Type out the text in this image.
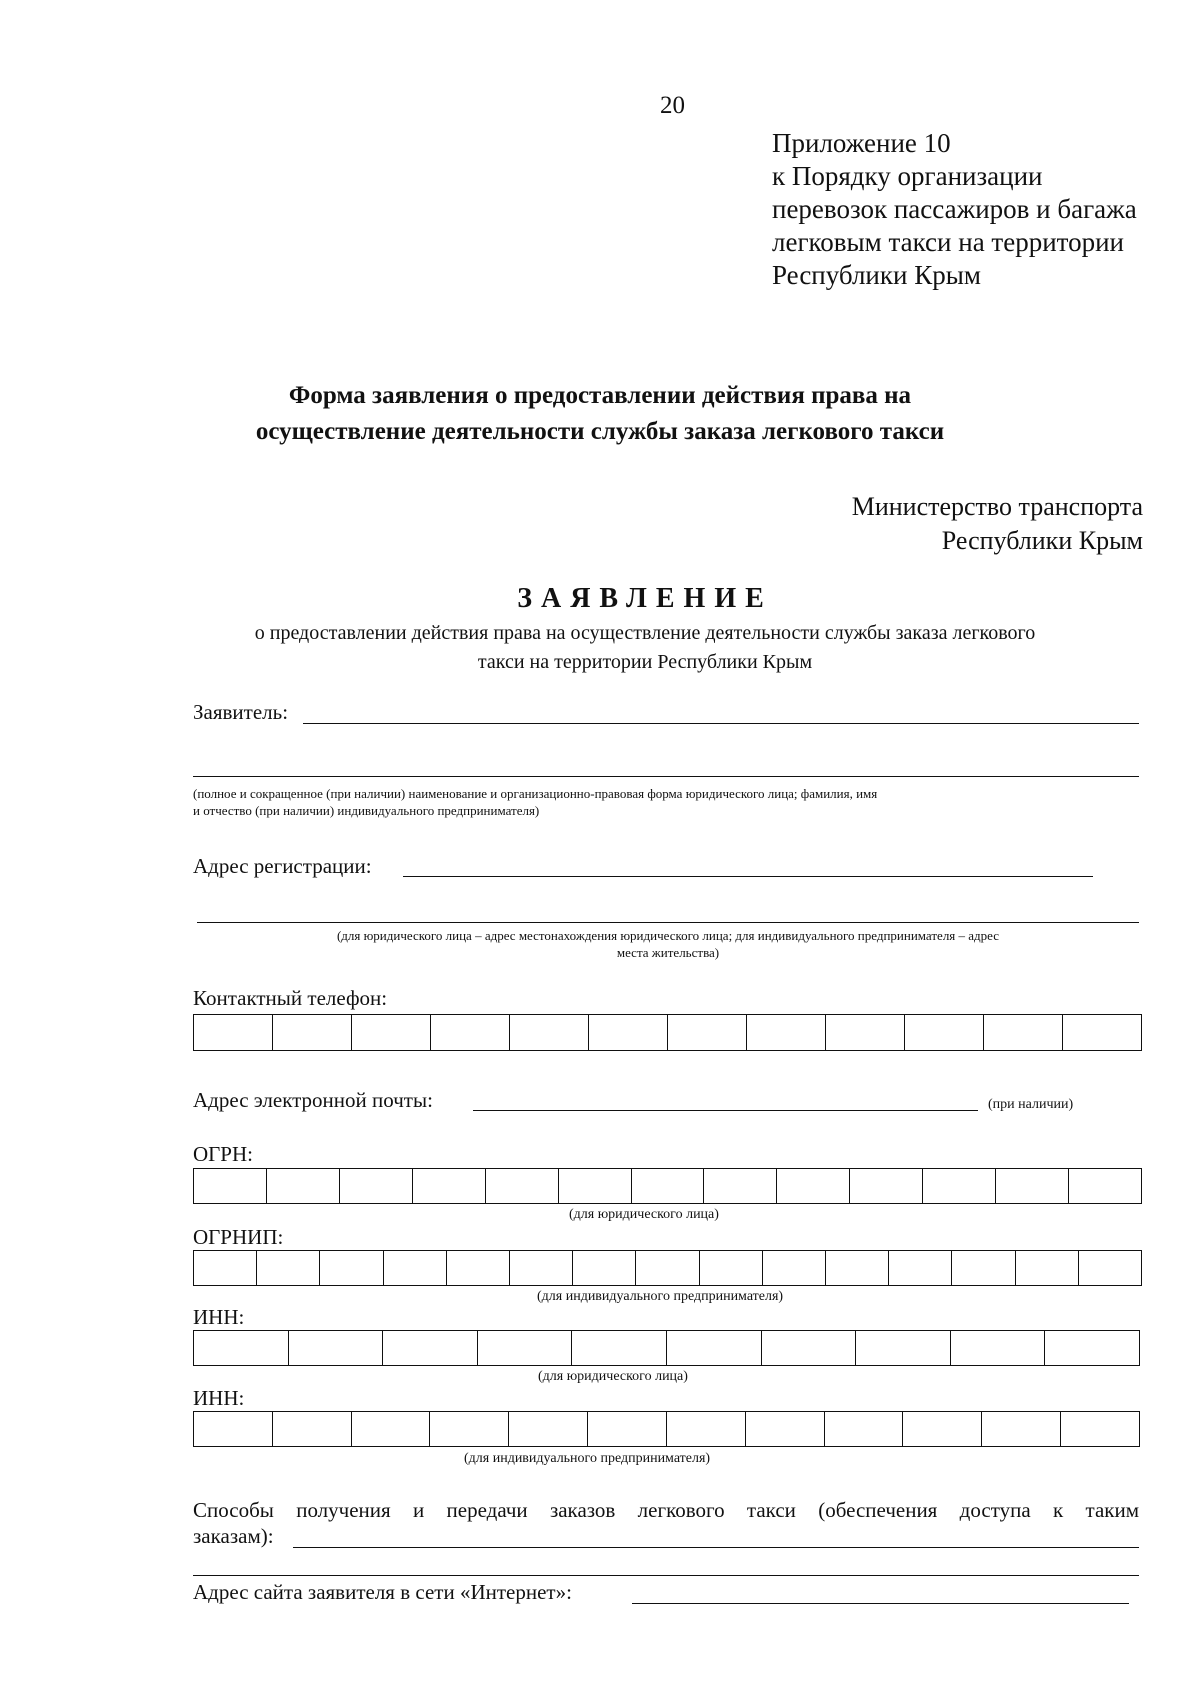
20
Приложение 10
к Порядку организации
перевозок пассажиров и багажа
легковым такси на территории
Республики Крым
Форма заявления о предоставлении действия права на
осуществление деятельности службы заказа легкового такси
Министерство транспорта
Республики Крым
ЗАЯВЛЕНИЕ
о предоставлении действия права на осуществление деятельности службы заказа легкового
такси на территории Республики Крым
Заявитель:
(полное и сокращенное (при наличии) наименование и организационно-правовая форма юридического лица; фамилия, имя
и отчество (при наличии) индивидуального предпринимателя)
Адрес регистрации:
(для юридического лица – адрес местонахождения юридического лица; для индивидуального предпринимателя – адрес
места жительства)
Контактный телефон:
Адрес электронной почты:	(при наличии)
ОГРН:
(для юридического лица)
ОГРНИП:
(для индивидуального предпринимателя)
ИНН:
(для юридического лица)
ИНН:
(для индивидуального предпринимателя)
Способы получения и передачи заказов легкового такси (обеспечения доступа к таким
заказам):
Адрес сайта заявителя в сети «Интернет»:
